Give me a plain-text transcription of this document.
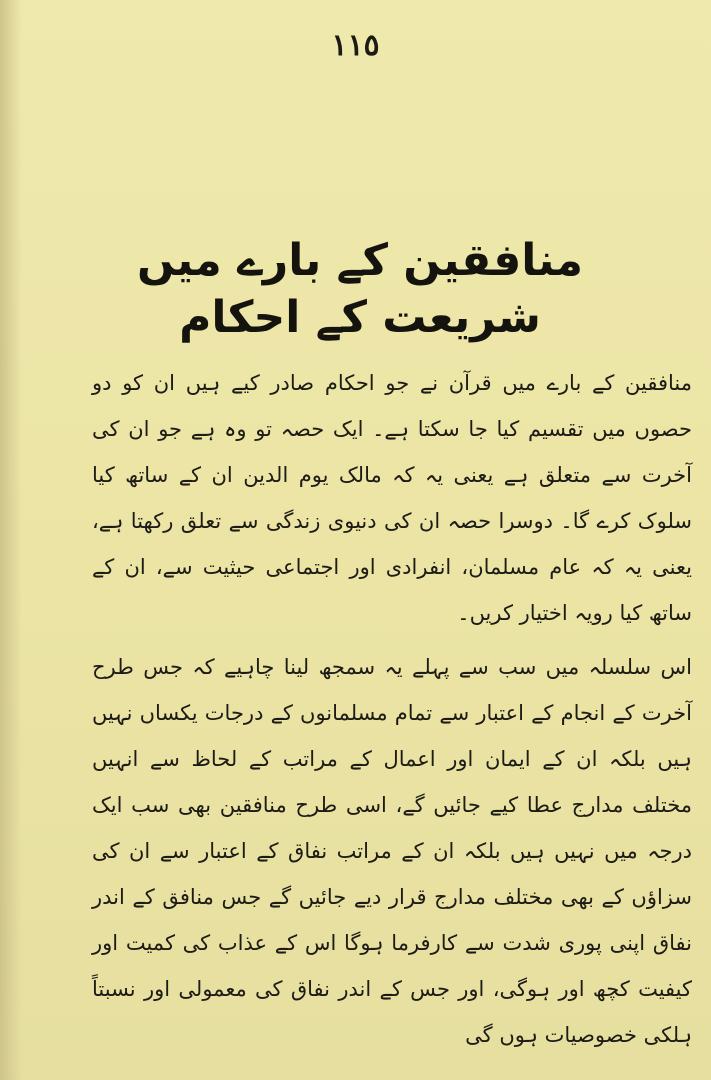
١١٥
منافقین کے بارے میں شریعت کے احکام

منافقین کے بارے میں قرآن نے جو احکام صادر کیے ہیں ان کو دو حصوں میں تقسیم کیا جا سکتا ہے۔ ایک حصہ تو وہ ہے جو ان کی آخرت سے متعلق ہے یعنی یہ کہ مالک یوم الدین ان کے ساتھ کیا سلوک کرے گا۔ دوسرا حصہ ان کی دنیوی زندگی سے تعلق رکھتا ہے، یعنی یہ کہ عام مسلمان، انفرادی اور اجتماعی حیثیت سے، ان کے ساتھ کیا رویہ اختیار کریں۔

اس سلسلہ میں سب سے پہلے یہ سمجھ لینا چاہیے کہ جس طرح آخرت کے انجام کے اعتبار سے تمام مسلمانوں کے درجات یکساں نہیں ہیں بلکہ ان کے ایمان اور اعمال کے مراتب کے لحاظ سے انہیں مختلف مدارج عطا کیے جائیں گے، اسی طرح منافقین بھی سب ایک درجہ میں نہیں ہیں بلکہ ان کے مراتب نفاق کے اعتبار سے ان کی سزاؤں کے بھی مختلف مدارج قرار دیے جائیں گے جس منافق کے اندر نفاق اپنی پوری شدت سے کارفرما ہوگا اس کے عذاب کی کمیت اور کیفیت کچھ اور ہوگی، اور جس کے اندر نفاق کی معمولی اور نسبتاً ہلکی خصوصیات ہوں گی
